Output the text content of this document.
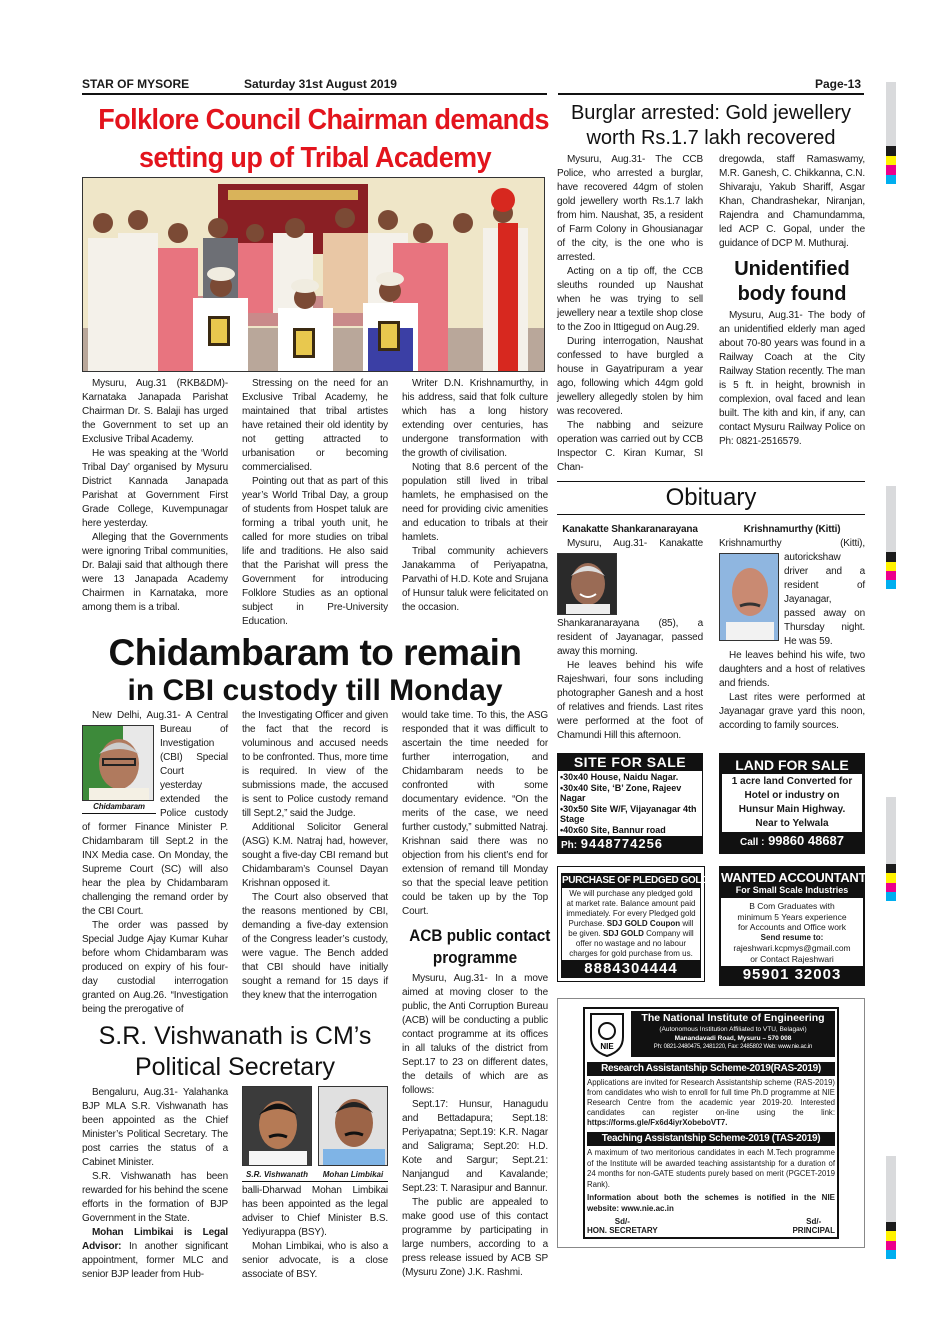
STAR OF MYSORE	Saturday 31st August 2019	Page-13
Folklore Council Chairman demands
setting up of Tribal Academy

Mysuru, Aug.31 (RKB&DM)- Karnataka Janapada Parishat Chairman Dr. S. Balaji has urged the Government to set up an Exclusive Tribal Academy.

He was speaking at the ‘World Tribal Day’ organised by Mysuru District Kannada Janapada Parishat at Government First Grade College, Kuvempunagar here yesterday.

Alleging that the Governments were ignoring Tribal communities, Dr. Balaji said that although there were 13 Janapada Academy Chairmen in Karnataka, more among them is a tribal.

Stressing on the need for an Exclusive Tribal Academy, he maintained that tribal artistes have retained their old identity by not getting attracted to urbanisation or becoming commercialised.

Pointing out that as part of this year’s World Tribal Day, a group of students from Hospet taluk are forming a tribal youth unit, he called for more studies on tribal life and traditions. He also said that the Parishat will press the Government for introducing Folklore Studies as an optional subject in Pre-University Education.

Writer D.N. Krishnamurthy, in his address, said that folk culture which has a long history extending over centuries, has undergone transformation with the growth of civilisation.

Noting that 8.6 percent of the population still lived in tribal hamlets, he emphasised on the need for providing civic amenities and education to tribals at their hamlets.

Tribal community achievers Janakamma of Periyapatna, Parvathi of H.D. Kote and Srujana of Hunsur taluk were felicitated on the occasion.

Chidambaram to remain
in CBI custody till Monday
Chidambaram

New Delhi, Aug.31- A Central Bureau of Investigation (CBI) Special Court yesterday extended the Police custody of former Finance Minister P. Chidambaram till Sept.2 in the INX Media case. On Monday, the Supreme Court (SC) will also hear the plea by Chidambaram challenging the remand order by the CBI Court.

The order was passed by Special Judge Ajay Kumar Kuhar before whom Chidambaram was produced on expiry of his four-day custodial interrogation granted on Aug.26. “Investigation being the prerogative of

the Investigating Officer and given the fact that the record is voluminous and accused needs to be confronted. Thus, more time is required. In view of the submissions made, the accused is sent to Police custody remand till Sept.2,” said the Judge.

Additional Solicitor General (ASG) K.M. Natraj had, however, sought a five-day CBI remand but Chidambaram’s Counsel Dayan Krishnan opposed it.

The Court also observed that the reasons mentioned by CBI, demanding a five-day extension of the Congress leader’s custody, were vague. The Bench added that CBI should have initially sought a remand for 15 days if they knew that the interrogation

S.R. Vishwanath is CM’s
Political Secretary

Bengaluru, Aug.31- Yalahanka BJP MLA S.R. Vishwanath has been appointed as the Chief Minister’s Political Secretary. The post carries the status of a Cabinet Minister.

S.R. Vishwanath has been rewarded for his behind the scene efforts in the formation of BJP Government in the State.

Mohan Limbikai is Legal Advisor: In another significant appointment, former MLC and senior BJP leader from Hub-

S.R. Vishwanath	Mohan Limbikai

balli-Dharwad Mohan Limbikai has been appointed as the legal adviser to Chief Minister B.S. Yediyurappa (BSY).

Mohan Limbikai, who is also a senior advocate, is a close associate of BSY.

would take time. To this, the ASG responded that it was difficult to ascertain the time needed for further interrogation, and Chidambaram needs to be confronted with some documentary evidence. “On the merits of the case, we need further custody,” submitted Natraj. Krishnan said there was no objection from his client’s end for extension of remand till Monday so that the special leave petition could be taken up by the Top Court.

ACB public contact
programme

Mysuru, Aug.31- In a move aimed at moving closer to the public, the Anti Corruption Bureau (ACB) will be conducting a public contact programme at its offices in all taluks of the district from Sept.17 to 23 on different dates, the details of which are as follows:

Sept.17: Hunsur, Hanagudu and Bettadapura; Sept.18: Periyapatna; Sept.19: K.R. Nagar and Saligrama; Sept.20: H.D. Kote and Sargur; Sept.21: Nanjangud and Kavalande; Sept.23: T. Narasipur and Bannur.

The public are appealed to make good use of this contact programme by participating in large numbers, according to a press release issued by ACB SP (Mysuru Zone) J.K. Rashmi.

Burglar arrested: Gold jewellery
worth Rs.1.7 lakh recovered

Mysuru, Aug.31- The CCB Police, who arrested a burglar, have recovered 44gm of stolen gold jewellery worth Rs.1.7 lakh from him. Naushat, 35, a resident of Farm Colony in Ghousianagar of the city, is the one who is arrested.

Acting on a tip off, the CCB sleuths rounded up Naushat when he was trying to sell jewellery near a textile shop close to the Zoo in Ittigegud on Aug.29.

During interrogation, Naushat confessed to have burgled a house in Gayatripuram a year ago, following which 44gm gold jewellery allegedly stolen by him was recovered.

The nabbing and seizure operation was carried out by CCB Inspector C. Kiran Kumar, SI Chan-

dregowda, staff Ramaswamy, M.R. Ganesh, C. Chikkanna, C.N. Shivaraju, Yakub Shariff, Asgar Khan, Chandrashekar, Niranjan, Rajendra and Chamundamma, led ACP C. Gopal, under the guidance of DCP M. Muthuraj.

Unidentified
body found

Mysuru, Aug.31- The body of an unidentified elderly man aged about 70-80 years was found in a Railway Coach at the City Railway Station recently. The man is 5 ft. in height, brownish in complexion, oval faced and lean built. The kith and kin, if any, can contact Mysuru Railway Police on Ph: 0821-2516579.

Obituary
Kanakatte Shankaranarayana

Mysuru, Aug.31- Kanakatte Shankaranarayana (85), a resident of Jayanagar, passed away this morning.

He leaves behind his wife Rajeshwari, four sons including photographer Ganesh and a host of relatives and friends. Last rites were performed at the foot of Chamundi Hill this afternoon.

Krishnamurthy (Kitti)

Krishnamurthy (Kitti), autorickshaw driver and a resident of Jayanagar, passed away on Thursday night. He was 59.

He leaves behind his wife, two daughters and a host of relatives and friends.

Last rites were performed at Jayanagar grave yard this noon, according to family sources.

SITE FOR SALE
•30x40 House, Naidu Nagar.
•30x40 Site, ‘B’ Zone, Rajeev Nagar
•30x50 Site W/F, Vijayanagar 4th Stage
•40x60 Site, Bannur road
Ph: 9448774256
LAND FOR SALE
1 acre land Converted for
Hotel or industry on
Hunsur Main Highway.
Near to Yelwala
Call : 99860 48687
PURCHASE OF PLEDGED GOLD
We will purchase any pledged gold at market rate. Balance amount paid immediately. For every Pledged gold Purchase. SDJ GOLD Coupon will be given. SDJ GOLD Company will offer no wastage and no labour charges for gold purchase from us.
8884304444
WANTED ACCOUNTANT
For Small Scale Industries
B Com Graduates with
minimum 5 Years experience
for Accounts and Office work
Send resume to:
rajeshwari.kcpmys@gmail.com
or Contact Rajeshwari
95901 32003
NIE
The National Institute of Engineering
(Autonomous Institution Affiliated to VTU, Belagavi)
Manandavadi Road, Mysuru – 570 008
Ph: 0821-2480475, 2481220, Fax: 2485802 Web: www.nie.ac.in
Research Assistantship Scheme-2019(RAS-2019)
Applications are invited for Research Assistantship scheme (RAS-2019) from candidates who wish to enroll for full time Ph.D programme at NIE Research Centre from the academic year 2019-20. Interested candidates can register on-line using the link: https://forms.gle/Fx6d4iyrXobeboVT7.
Teaching Assistantship Scheme-2019 (TAS-2019)
A maximum of two meritorious candidates in each M.Tech programme of the Institute will be awarded teaching assistantship for a duration of 24 months for non-GATE students purely based on merit (PGCET-2019 Rank).
Information about both the schemes is notified in the NIE website: www.nie.ac.in
Sd/-
HON. SECRETARY
Sd/-
PRINCIPAL
